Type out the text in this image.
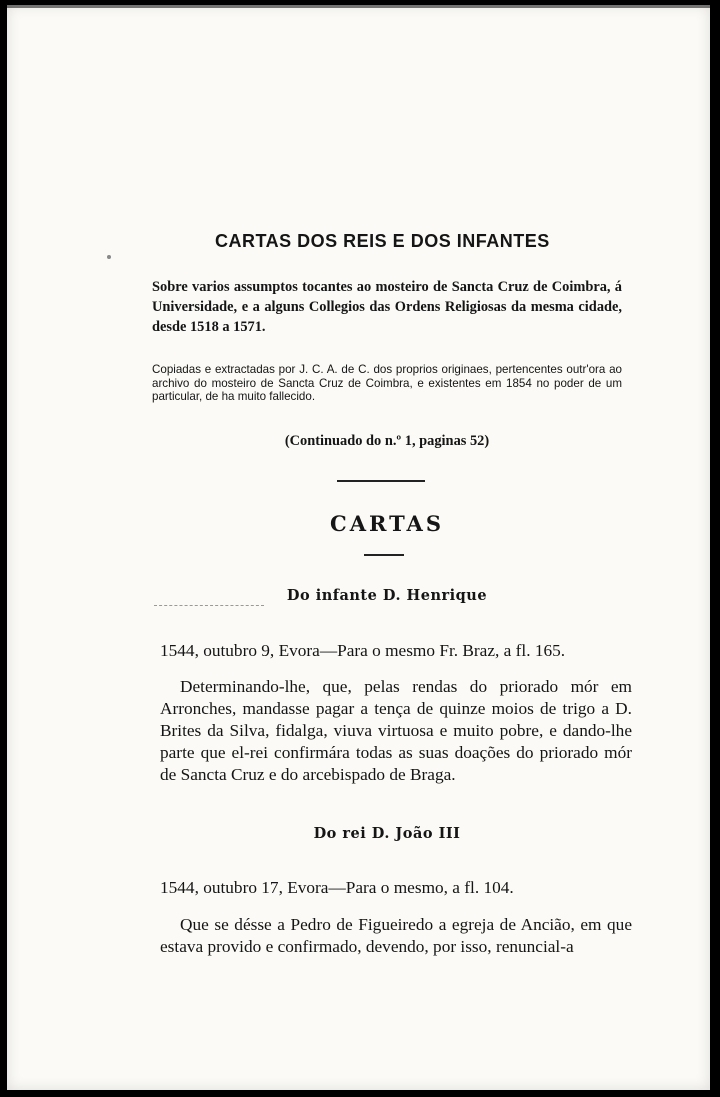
CARTAS DOS REIS E DOS INFANTES
Sobre varios assumptos tocantes ao mosteiro de Sancta Cruz de Coimbra, á Universidade, e a alguns Collegios das Ordens Religiosas da mesma cidade, desde 1518 a 1571.
Copiadas e extractadas por J. C. A. de C. dos proprios originaes, pertencentes outr'ora ao archivo do mosteiro de Sancta Cruz de Coimbra, e existentes em 1854 no poder de um particular, de ha muito fallecido.
(Continuado do n.º 1, paginas 52)
CARTAS
Do infante D. Henrique
1544, outubro 9, Evora—Para o mesmo Fr. Braz, a fl. 165.
Determinando-lhe, que, pelas rendas do priorado mór em Arronches, mandasse pagar a tença de quinze moios de trigo a D. Brites da Silva, fidalga, viuva virtuosa e muito pobre, e dando-lhe parte que el-rei confirmára todas as suas doações do priorado mór de Sancta Cruz e do arcebispado de Braga.
Do rei D. João III
1544, outubro 17, Evora—Para o mesmo, a fl. 104.
Que se désse a Pedro de Figueiredo a egreja de Ancião, em que estava provido e confirmado, devendo, por isso, renuncial-a
